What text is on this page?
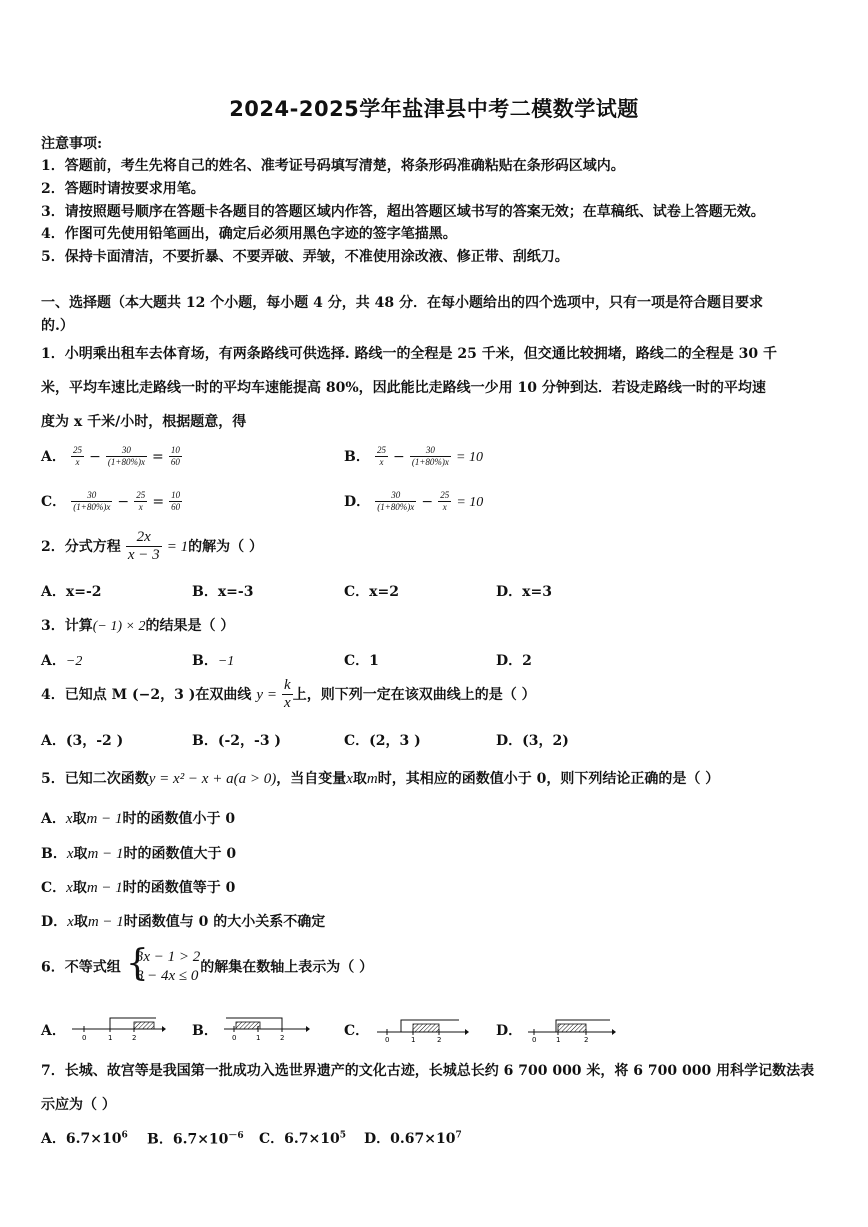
2024-2025学年盐津县中考二模数学试题
注意事项:
1．答题前，考生先将自己的姓名、准考证号码填写清楚，将条形码准确粘贴在条形码区域内。
2．答题时请按要求用笔。
3．请按照题号顺序在答题卡各题目的答题区域内作答，超出答题区域书写的答案无效；在草稿纸、试卷上答题无效。
4．作图可先使用铅笔画出，确定后必须用黑色字迹的签字笔描黑。
5．保持卡面清洁，不要折暴、不要弄破、弄皱，不准使用涂改液、修正带、刮纸刀。
一、选择题（本大题共 12 个小题，每小题 4 分，共 48 分．在每小题给出的四个选项中，只有一项是符合题目要求
的.）
1．小明乘出租车去体育场，有两条路线可供选择. 路线一的全程是 25 千米，但交通比较拥堵，路线二的全程是 30 千
米，平均车速比走路线一时的平均车速能提高 80%，因此能比走路线一少用 10 分钟到达．若设走路线一时的平均速
度为 x 千米/小时，根据题意，得
A． $\frac{25}{x} - \frac{30}{(1+80\%)x} = \frac{10}{60}$	B． $\frac{25}{x} - \frac{30}{(1+80\%)x} = 10$
C． $\frac{30}{(1+80\%)x} - \frac{25}{x} = \frac{10}{60}$	D． $\frac{30}{(1+80\%)x} - \frac{25}{x} = 10$
2．分式方程 $\frac{2x}{x - 3} = 1$的解为（ ）
A．x=-2	B．x=-3	C．x=2	D．x=3
3．计算(− 1) × 2的结果是（ ）
A．−2	B．−1	C．1	D．2
4．已知点 M (−2，3 )在双曲线 $y = \frac{k}{x}$ 上，则下列一定在该双曲线上的是（ ）
A．(3，-2 )	B．(-2，-3 )	C．(2，3 )	D．(3，2)
5．已知二次函数y = x² − x + a(a > 0)，当自变量x取m时，其相应的函数值小于 0，则下列结论正确的是（ ）
A．x取m − 1时的函数值小于 0
B．x取m − 1时的函数值大于 0
C．x取m − 1时的函数值等于 0
D．x取m − 1时函数值与 0 的大小关系不确定
6．不等式组 {
3x − 1 > 2
8 − 4x ≤ 0
的解集在数轴上表示为（ ）
A． 0	1	2	B． 0	1	2	C．
0	1	2
D．
0	1	2
7．长城、故宫等是我国第一批成功入选世界遗产的文化古迹，长城总长约 6 700 000 米，将 6 700 000 用科学记数法表
示应为（ ）
A．$6.7\times 10^6$ B．$6.7\times 10^{-6}$ C．$6.7\times 10^5$ D．$0.67\times 10^7$
